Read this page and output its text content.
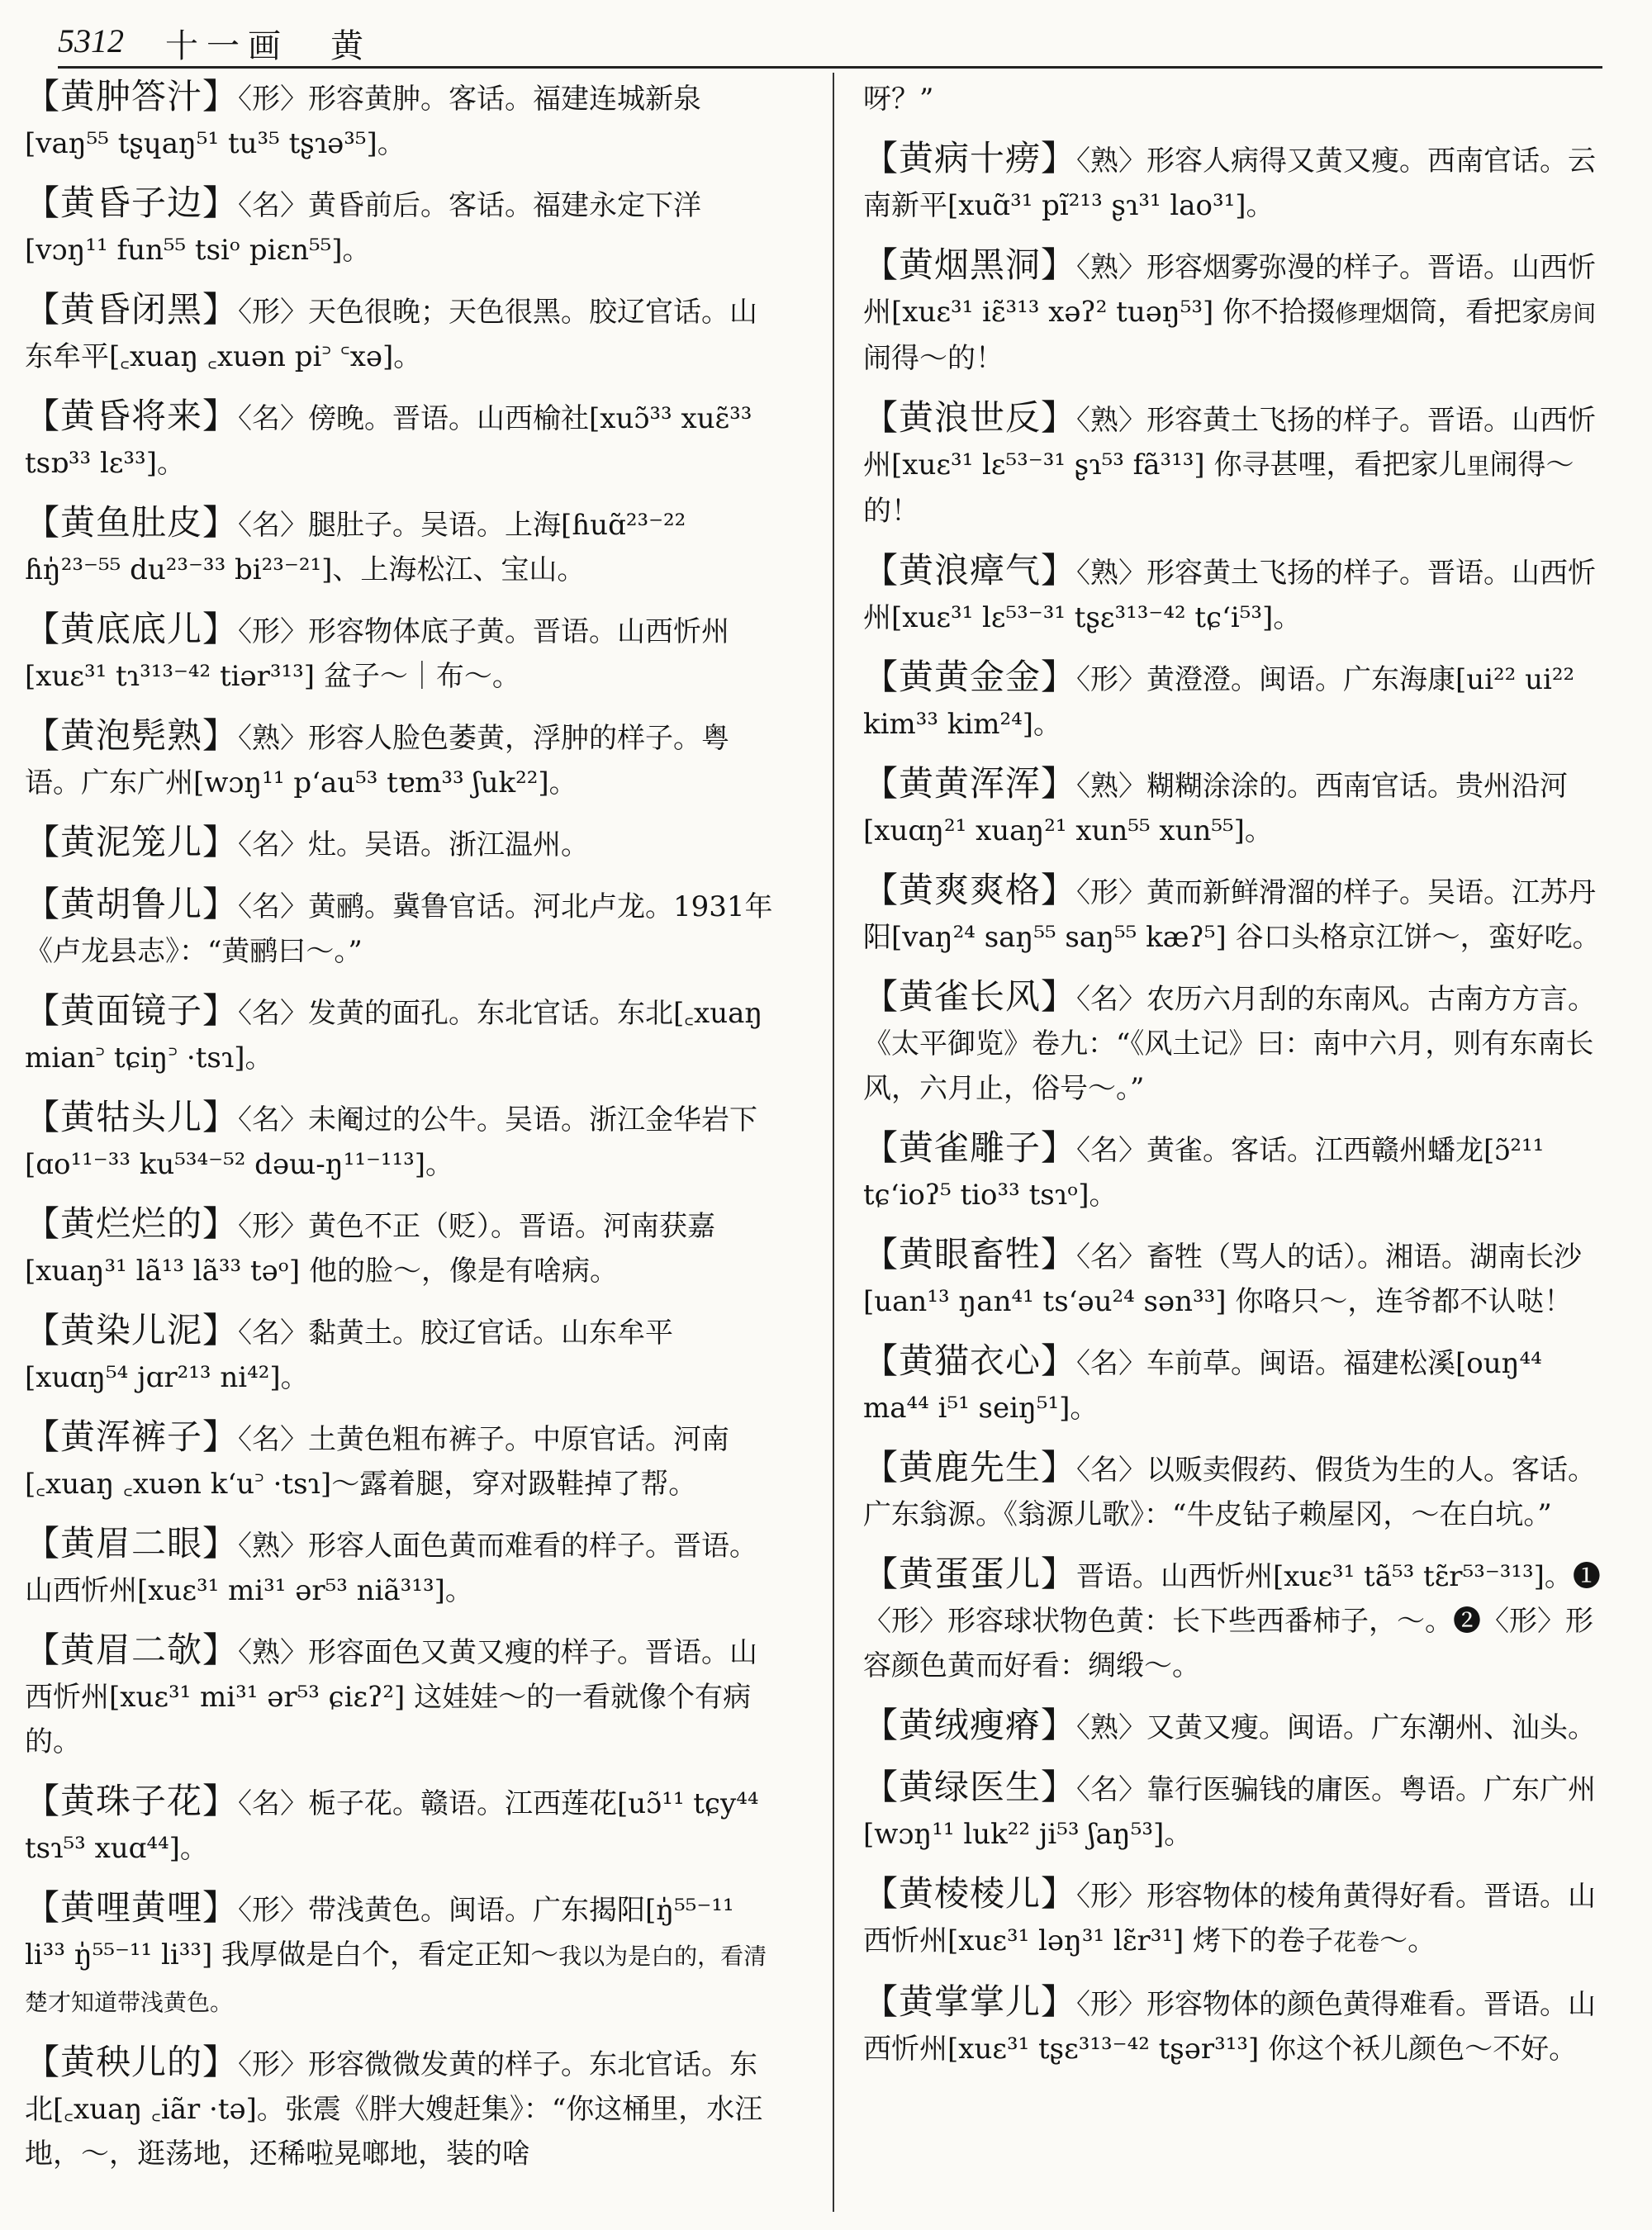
5312 十一画　黄
【黄肿答汁】〈形〉形容黄肿。客话。福建连城新泉[vaŋ⁵⁵ tʂɥaŋ⁵¹ tu³⁵ tʂɿə³⁵]。
【黄昏子边】〈名〉黄昏前后。客话。福建永定下洋[vɔŋ¹¹ fun⁵⁵ tsiᵒ piɛn⁵⁵]。
【黄昏闭黑】〈形〉天色很晚；天色很黑。胶辽官话。山东牟平[꜀xuaŋ ꜀xuən pi꜄ ꜂xə]。
【黄昏将来】〈名〉傍晚。晋语。山西榆社[xuɔ̃³³ xuɛ̃³³ tsɒ³³ lɛ³³]。
【黄鱼肚皮】〈名〉腿肚子。吴语。上海[ɦuɑ̃²³⁻²² ɦŋ̍²³⁻⁵⁵ du²³⁻³³ bi²³⁻²¹]、上海松江、宝山。
【黄底底儿】〈形〉形容物体底子黄。晋语。山西忻州[xuɛ³¹ tɿ³¹³⁻⁴² tiər³¹³] 盆子～｜布～。
【黄泡髡熟】〈熟〉形容人脸色萎黄，浮肿的样子。粤语。广东广州[wɔŋ¹¹ pʻau⁵³ tɐm³³ ʃuk²²]。
【黄泥笼儿】〈名〉灶。吴语。浙江温州。
【黄胡鲁儿】〈名〉黄鹂。冀鲁官话。河北卢龙。1931年《卢龙县志》：“黄鹂曰～。”
【黄面镜子】〈名〉发黄的面孔。东北官话。东北[꜀xuaŋ mian꜄ tɕiŋ꜄ ·tsɿ]。
【黄牯头儿】〈名〉未阉过的公牛。吴语。浙江金华岩下[ɑo¹¹⁻³³ ku⁵³⁴⁻⁵² dəɯ-ŋ¹¹⁻¹¹³]。
【黄烂烂的】〈形〉黄色不正（贬）。晋语。河南获嘉[xuaŋ³¹ lã¹³ lã³³ təᵒ] 他的脸～，像是有啥病。
【黄染儿泥】〈名〉黏黄土。胶辽官话。山东牟平[xuɑŋ⁵⁴ jɑr²¹³ ni⁴²]。
【黄浑裤子】〈名〉土黄色粗布裤子。中原官话。河南[꜀xuaŋ ꜀xuən kʻu꜄ ·tsɿ]～露着腿，穿对趿鞋掉了帮。
【黄眉二眼】〈熟〉形容人面色黄而难看的样子。晋语。山西忻州[xuɛ³¹ mi³¹ ər⁵³ niã³¹³]。
【黄眉二欹】〈熟〉形容面色又黄又瘦的样子。晋语。山西忻州[xuɛ³¹ mi³¹ ər⁵³ ɕiɛʔ²] 这娃娃～的一看就像个有病的。
【黄珠子花】〈名〉栀子花。赣语。江西莲花[uɔ̃¹¹ tɕy⁴⁴ tsɿ⁵³ xuɑ⁴⁴]。
【黄哩黄哩】〈形〉带浅黄色。闽语。广东揭阳[ŋ̍⁵⁵⁻¹¹ li³³ ŋ̍⁵⁵⁻¹¹ li³³] 我厚做是白个，看定正知～我以为是白的，看清楚才知道带浅黄色。
【黄秧儿的】〈形〉形容微微发黄的样子。东北官话。东北[꜀xuaŋ ꜀iãr ·tə]。张震《胖大嫂赶集》：“你这桶里，水汪地，～，逛荡地，还稀啦晃啷地，装的啥
呀？”
【黄病十痨】〈熟〉形容人病得又黄又瘦。西南官话。云南新平[xuɑ̃³¹ pĩ²¹³ ʂɿ³¹ lao³¹]。
【黄烟黑洞】〈熟〉形容烟雾弥漫的样子。晋语。山西忻州[xuɛ³¹ iɛ̃³¹³ xəʔ² tuəŋ⁵³] 你不拾掇修理烟筒，看把家房间闹得～的！
【黄浪世反】〈熟〉形容黄土飞扬的样子。晋语。山西忻州[xuɛ³¹ lɛ⁵³⁻³¹ ʂɿ⁵³ fã³¹³] 你寻甚哩，看把家儿里闹得～的！
【黄浪瘴气】〈熟〉形容黄土飞扬的样子。晋语。山西忻州[xuɛ³¹ lɛ⁵³⁻³¹ tʂɛ³¹³⁻⁴² tɕʻi⁵³]。
【黄黄金金】〈形〉黄澄澄。闽语。广东海康[ui²² ui²² kim³³ kim²⁴]。
【黄黄浑浑】〈熟〉糊糊涂涂的。西南官话。贵州沿河[xuɑŋ²¹ xuaŋ²¹ xun⁵⁵ xun⁵⁵]。
【黄爽爽格】〈形〉黄而新鲜滑溜的样子。吴语。江苏丹阳[vaŋ²⁴ saŋ⁵⁵ saŋ⁵⁵ kæʔ⁵] 谷口头格京江饼～，蛮好吃。
【黄雀长风】〈名〉农历六月刮的东南风。古南方方言。《太平御览》卷九：“《风土记》曰：南中六月，则有东南长风，六月止，俗号～。”
【黄雀雕子】〈名〉黄雀。客话。江西赣州蟠龙[ɔ̃²¹¹ tɕʻioʔ⁵ tio³³ tsɿᵒ]。
【黄眼畜牲】〈名〉畜牲（骂人的话）。湘语。湖南长沙[uan¹³ ŋan⁴¹ tsʻəu²⁴ sən³³] 你咯只～，连爷都不认哒！
【黄猫衣心】〈名〉车前草。闽语。福建松溪[ouŋ⁴⁴ ma⁴⁴ i⁵¹ seiŋ⁵¹]。
【黄鹿先生】〈名〉以贩卖假药、假货为生的人。客话。广东翁源。《翁源儿歌》：“牛皮钻子赖屋冈，～在白坑。”
【黄蛋蛋儿】晋语。山西忻州[xuɛ³¹ tã⁵³ tɛ̃r⁵³⁻³¹³]。❶〈形〉形容球状物色黄：长下些西番柿子，～。❷〈形〉形容颜色黄而好看：绸缎～。
【黄绒瘦瘠】〈熟〉又黄又瘦。闽语。广东潮州、汕头。
【黄绿医生】〈名〉靠行医骗钱的庸医。粤语。广东广州[wɔŋ¹¹ luk²² ji⁵³ ʃaŋ⁵³]。
【黄棱棱儿】〈形〉形容物体的棱角黄得好看。晋语。山西忻州[xuɛ³¹ ləŋ³¹ lɛ̃r³¹] 烤下的卷子花卷～。
【黄掌掌儿】〈形〉形容物体的颜色黄得难看。晋语。山西忻州[xuɛ³¹ tʂɛ³¹³⁻⁴² tʂər³¹³] 你这个袄儿颜色～不好。
